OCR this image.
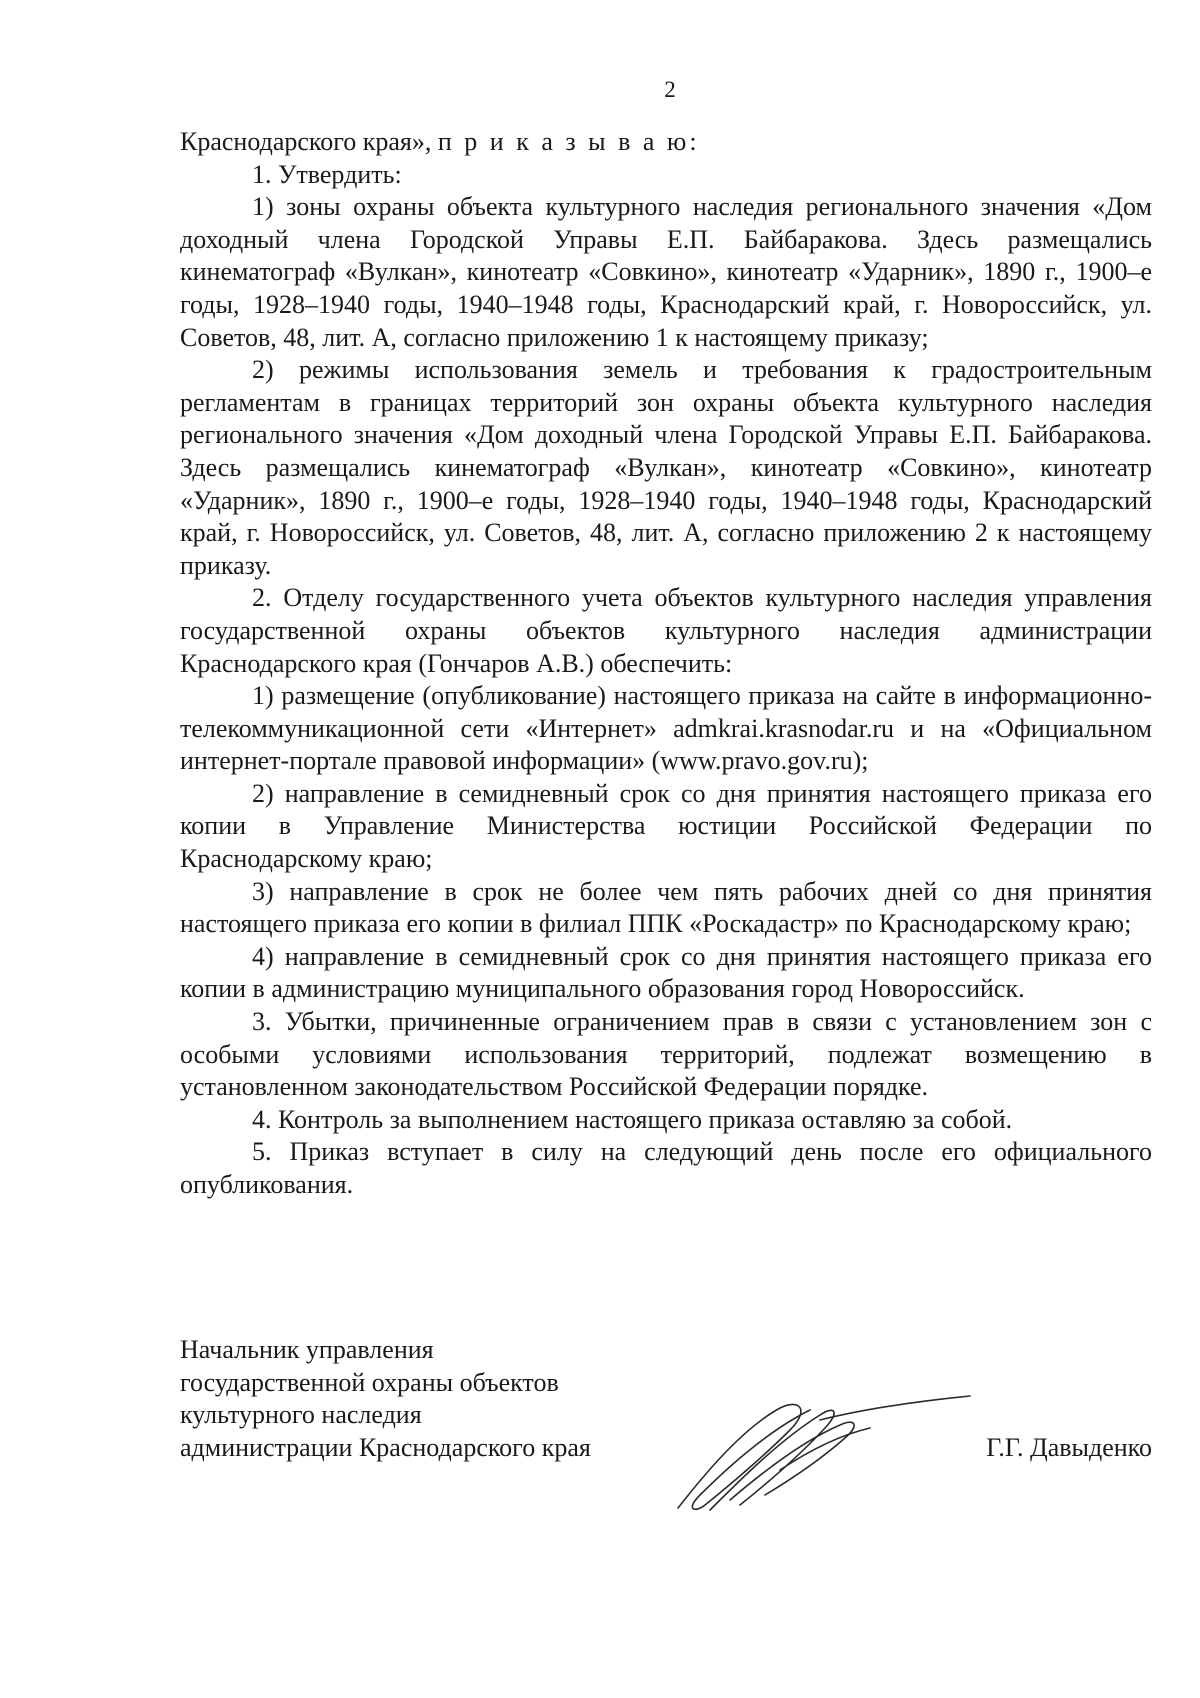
2

Краснодарского края», п р и к а з ы в а ю:

1. Утвердить:

1) зоны охраны объекта культурного наследия регионального значения «Дом доходный члена Городской Управы Е.П. Байбаракова. Здесь размещались кинематограф «Вулкан», кинотеатр «Совкино», кинотеатр «Ударник», 1890 г., 1900–е годы, 1928–1940 годы, 1940–1948 годы, Краснодарский край, г. Новороссийск, ул. Советов, 48, лит. А, согласно приложению 1 к настоящему приказу;

2) режимы использования земель и требования к градостроительным регламентам в границах территорий зон охраны объекта культурного наследия регионального значения «Дом доходный члена Городской Управы Е.П. Байбаракова. Здесь размещались кинематограф «Вулкан», кинотеатр «Совкино», кинотеатр «Ударник», 1890 г., 1900–е годы, 1928–1940 годы, 1940–1948 годы, Краснодарский край, г. Новороссийск, ул. Советов, 48, лит. А, согласно приложению 2 к настоящему приказу.

2. Отделу государственного учета объектов культурного наследия управления государственной охраны объектов культурного наследия администрации Краснодарского края (Гончаров А.В.) обеспечить:

1) размещение (опубликование) настоящего приказа на сайте в информационно-телекоммуникационной сети «Интернет» admkrai.krasnodar.ru и на «Официальном интернет-портале правовой информации» (www.pravo.gov.ru);

2) направление в семидневный срок со дня принятия настоящего приказа его копии в Управление Министерства юстиции Российской Федерации по Краснодарскому краю;

3) направление в срок не более чем пять рабочих дней со дня принятия настоящего приказа его копии в филиал ППК «Роскадастр» по Краснодарскому краю;

4) направление в семидневный срок со дня принятия настоящего приказа его копии в администрацию муниципального образования город Новороссийск.

3. Убытки, причиненные ограничением прав в связи с установлением зон с особыми условиями использования территорий, подлежат возмещению в установленном законодательством Российской Федерации порядке.

4. Контроль за выполнением настоящего приказа оставляю за собой.

5. Приказ вступает в силу на следующий день после его официального опубликования.

Начальник управления
государственной охраны объектов
культурного наследия
администрации Краснодарского края	Г.Г. Давыденко
